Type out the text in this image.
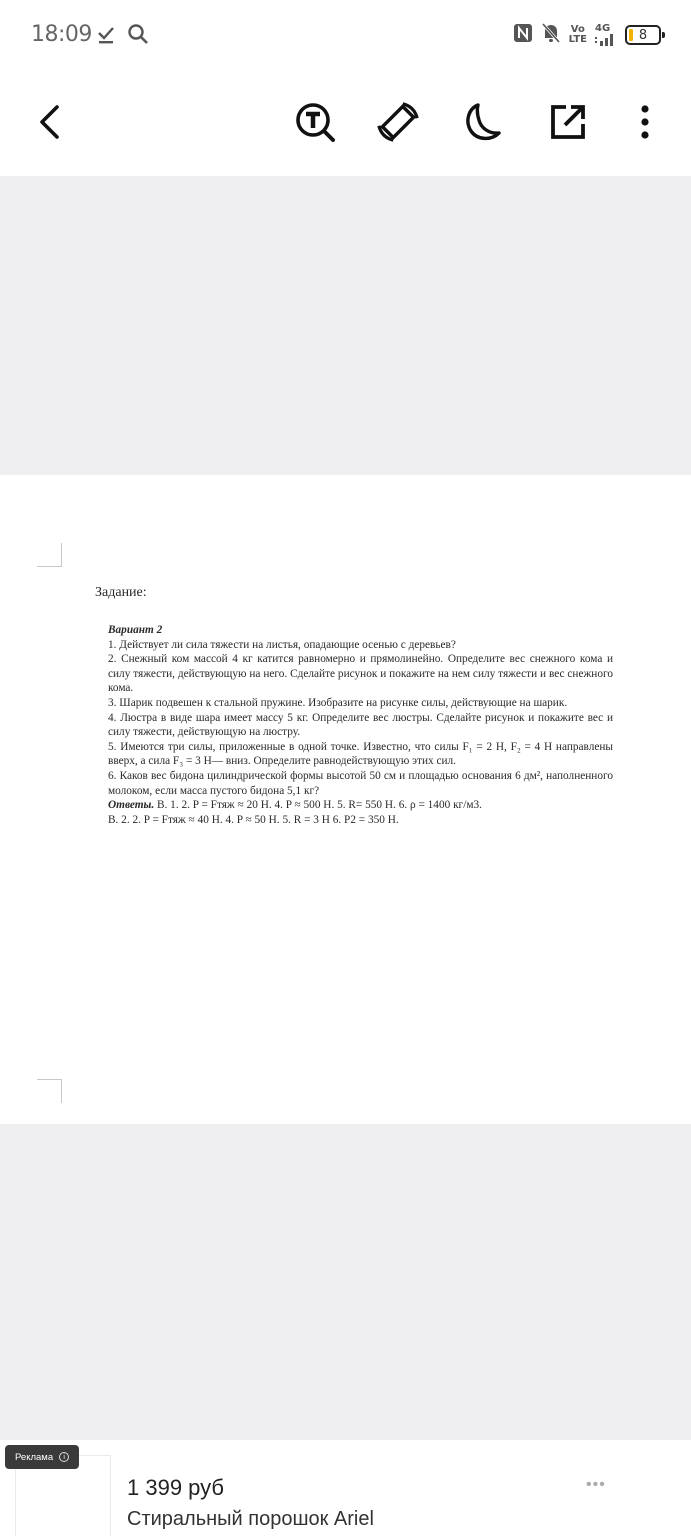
18:09	Vo
LTE
4G 8
Задание:

Вариант 2

1. Действует ли сила тяжести на листья, опадающие осенью с деревьев?

2. Снежный ком массой 4 кг катится равномерно и прямолинейно. Определите вес снежного кома и силу тяжести, действующую на него. Сделайте рисунок и покажите на нем силу тяжести и вес снежного кома.

3. Шарик подвешен к стальной пружине. Изобразите на рисунке силы, действующие на шарик.

4. Люстра в виде шара имеет массу 5 кг. Определите вес люстры. Сделайте рисунок и покажите вес и силу тяжести, действующую на люстру.

5. Имеются три силы, приложенные в одной точке. Известно, что силы F₁ = 2 Н, F₂ = 4 Н направлены вверх, а сила F₃ = 3 Н— вниз. Определите равнодействующую этих сил.

6. Каков вес бидона цилиндрической формы высотой 50 см и площадью основания 6 дм², наполненного молоком, если масса пустого бидона 5,1 кг?

Ответы. В. 1. 2. P = Fтяж ≈ 20 Н. 4. P ≈ 500 Н. 5. R= 550 Н. 6. ρ = 1400 кг/м3.

В. 2. 2. P = Fтяж ≈ 40 Н. 4. P ≈ 50 Н. 5. R = 3 Н 6. P2 = 350 Н.

Реклама	i
1 399 руб
Стиральный порошок Ariel
•••
